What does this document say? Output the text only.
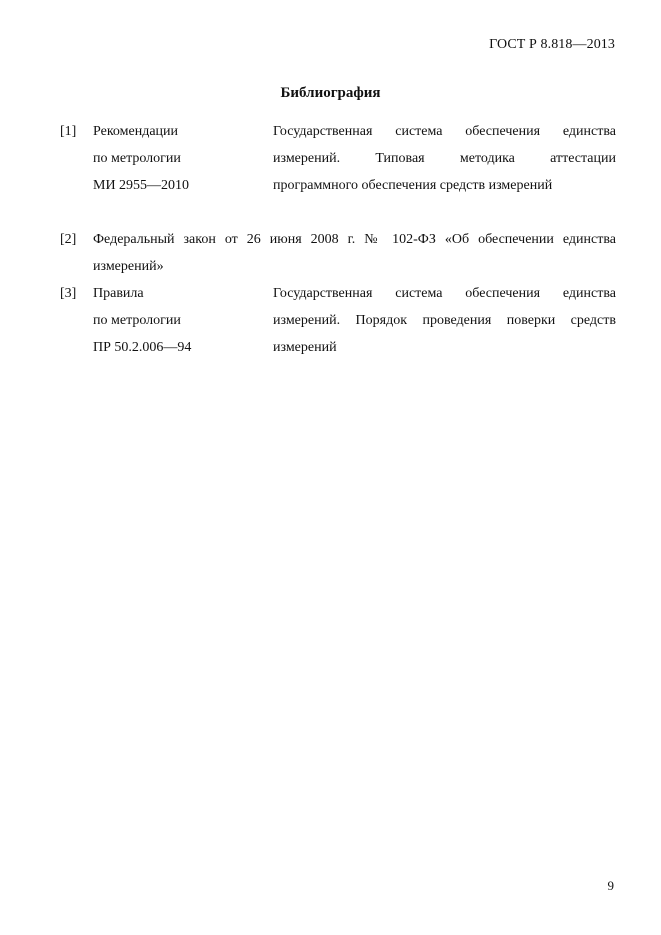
ГОСТ Р 8.818—2013
Библиография
[1] Рекомендации
по метрологии
МИ 2955—2010
Государственная система обеспечения единства
измерений. Типовая методика аттестации
программного обеспечения средств измерений
[2] Федеральный закон от 26 июня 2008 г. № 102-ФЗ «Об обеспечении единства
измерений»
[3] Правила
по метрологии
ПР 50.2.006—94
Государственная система обеспечения единства
измерений. Порядок проведения поверки средств
измерений
9
